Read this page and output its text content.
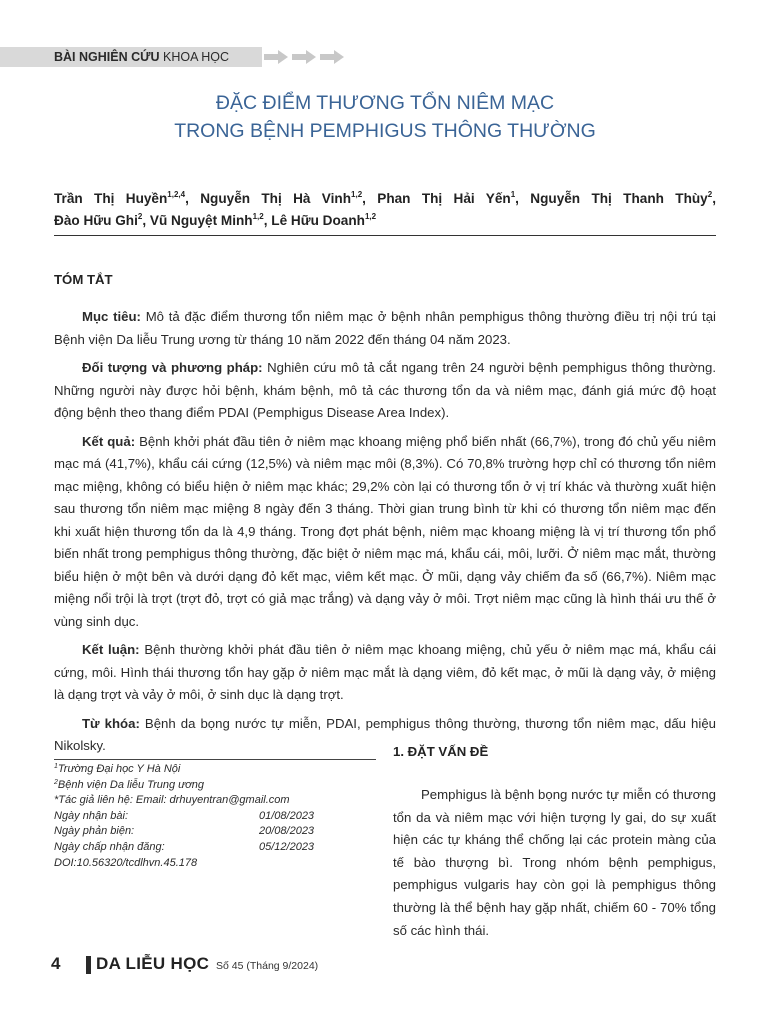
BÀI NGHIÊN CỨU KHOA HỌC
ĐẶC ĐIỂM THƯƠNG TỔN NIÊM MẠC
TRONG BỆNH PEMPHIGUS THÔNG THƯỜNG
Trần Thị Huyền$^{1,2,4}$, Nguyễn Thị Hà Vinh$^{1,2}$, Phan Thị Hải Yến$^1$, Nguyễn Thị Thanh Thùy$^2$,
Đào Hữu Ghi$^2$, Vũ Nguyệt Minh$^{1,2}$, Lê Hữu Doanh$^{1,2}$
TÓM TẮT

Mục tiêu: Mô tả đặc điểm thương tổn niêm mạc ở bệnh nhân pemphigus thông thường điều trị nội trú tại Bệnh viện Da liễu Trung ương từ tháng 10 năm 2022 đến tháng 04 năm 2023.

Đối tượng và phương pháp: Nghiên cứu mô tả cắt ngang trên 24 người bệnh pemphigus thông thường. Những người này được hỏi bệnh, khám bệnh, mô tả các thương tổn da và niêm mạc, đánh giá mức độ hoạt động bệnh theo thang điểm PDAI (Pemphigus Disease Area Index).

Kết quả: Bệnh khởi phát đầu tiên ở niêm mạc khoang miệng phổ biến nhất (66,7%), trong đó chủ yếu niêm mạc má (41,7%), khẩu cái cứng (12,5%) và niêm mạc môi (8,3%). Có 70,8% trường hợp chỉ có thương tổn niêm mạc miệng, không có biểu hiện ở niêm mạc khác; 29,2% còn lại có thương tổn ở vị trí khác và thường xuất hiện sau thương tổn niêm mạc miệng 8 ngày đến 3 tháng. Thời gian trung bình từ khi có thương tổn niêm mạc đến khi xuất hiện thương tổn da là 4,9 tháng. Trong đợt phát bệnh, niêm mạc khoang miệng là vị trí thương tổn phổ biến nhất trong pemphigus thông thường, đặc biệt ở niêm mạc má, khẩu cái, môi, lưỡi. Ở niêm mạc mắt, thường biểu hiện ở một bên và dưới dạng đỏ kết mạc, viêm kết mạc. Ở mũi, dạng vảy chiếm đa số (66,7%). Niêm mạc miệng nổi trội là trợt (trợt đỏ, trợt có giả mạc trắng) và dạng vảy ở môi. Trợt niêm mạc cũng là hình thái ưu thế ở vùng sinh dục.

Kết luận: Bệnh thường khởi phát đầu tiên ở niêm mạc khoang miệng, chủ yếu ở niêm mạc má, khẩu cái cứng, môi. Hình thái thương tổn hay gặp ở niêm mạc mắt là dạng viêm, đỏ kết mạc, ở mũi là dạng vảy, ở miệng là dạng trợt và vảy ở môi, ở sinh dục là dạng trợt.

Từ khóa: Bệnh da bọng nước tự miễn, PDAI, pemphigus thông thường, thương tổn niêm mạc, dấu hiệu Nikolsky.

$^1$Trường Đại học Y Hà Nội
$^2$Bệnh viện Da liễu Trung ương
*Tác giả liên hệ: Email: drhuyentran@gmail.com
Ngày nhận bài:	01/08/2023
Ngày phản biện:	20/08/2023
Ngày chấp nhận đăng:	05/12/2023
DOI:10.56320/tcdlhvn.45.178
1. ĐẶT VẤN ĐỀ

Pemphigus là bệnh bọng nước tự miễn có thương tổn da và niêm mạc với hiện tượng ly gai, do sự xuất hiện các tự kháng thể chống lại các protein màng của tế bào thượng bì. Trong nhóm bệnh pemphigus, pemphigus vulgaris hay còn gọi là pemphigus thông thường là thể bệnh hay gặp nhất, chiếm 60 - 70% tổng số các hình thái.

4 DA LIỄU HỌC Số 45 (Tháng 9/2024)
